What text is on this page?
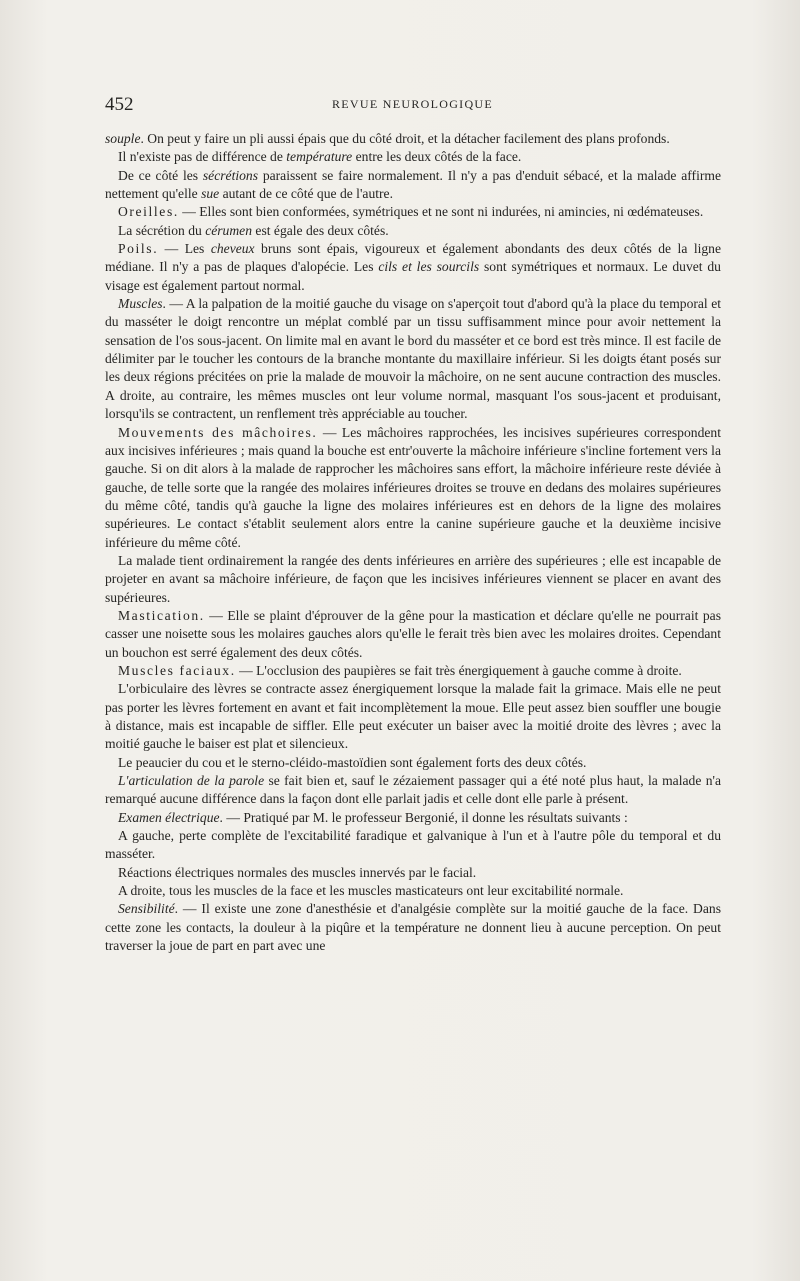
452	REVUE NEUROLOGIQUE

souple. On peut y faire un pli aussi épais que du côté droit, et la détacher facilement des plans profonds.

Il n'existe pas de différence de température entre les deux côtés de la face.

De ce côté les sécrétions paraissent se faire normalement. Il n'y a pas d'enduit sébacé, et la malade affirme nettement qu'elle sue autant de ce côté que de l'autre.

Oreilles. — Elles sont bien conformées, symétriques et ne sont ni indurées, ni amincies, ni œdémateuses.

La sécrétion du cérumen est égale des deux côtés.

Poils. — Les cheveux bruns sont épais, vigoureux et également abondants des deux côtés de la ligne médiane. Il n'y a pas de plaques d'alopécie. Les cils et les sourcils sont symétriques et normaux. Le duvet du visage est également partout normal.

Muscles. — A la palpation de la moitié gauche du visage on s'aperçoit tout d'abord qu'à la place du temporal et du masséter le doigt rencontre un méplat comblé par un tissu suffisamment mince pour avoir nettement la sensation de l'os sous-jacent. On limite mal en avant le bord du masséter et ce bord est très mince. Il est facile de délimiter par le toucher les contours de la branche montante du maxillaire inférieur. Si les doigts étant posés sur les deux régions précitées on prie la malade de mouvoir la mâchoire, on ne sent aucune contraction des muscles. A droite, au contraire, les mêmes muscles ont leur volume normal, masquant l'os sous-jacent et produisant, lorsqu'ils se contractent, un renflement très appréciable au toucher.

Mouvements des mâchoires. — Les mâchoires rapprochées, les incisives supérieures correspondent aux incisives inférieures ; mais quand la bouche est entr'ouverte la mâchoire inférieure s'incline fortement vers la gauche. Si on dit alors à la malade de rapprocher les mâchoires sans effort, la mâchoire inférieure reste déviée à gauche, de telle sorte que la rangée des molaires inférieures droites se trouve en dedans des molaires supérieures du même côté, tandis qu'à gauche la ligne des molaires inférieures est en dehors de la ligne des molaires supérieures. Le contact s'établit seulement alors entre la canine supérieure gauche et la deuxième incisive inférieure du même côté.

La malade tient ordinairement la rangée des dents inférieures en arrière des supérieures ; elle est incapable de projeter en avant sa mâchoire inférieure, de façon que les incisives inférieures viennent se placer en avant des supérieures.

Mastication. — Elle se plaint d'éprouver de la gêne pour la mastication et déclare qu'elle ne pourrait pas casser une noisette sous les molaires gauches alors qu'elle le ferait très bien avec les molaires droites. Cependant un bouchon est serré également des deux côtés.

Muscles faciaux. — L'occlusion des paupières se fait très énergiquement à gauche comme à droite.

L'orbiculaire des lèvres se contracte assez énergiquement lorsque la malade fait la grimace. Mais elle ne peut pas porter les lèvres fortement en avant et fait incomplètement la moue. Elle peut assez bien souffler une bougie à distance, mais est incapable de siffler. Elle peut exécuter un baiser avec la moitié droite des lèvres ; avec la moitié gauche le baiser est plat et silencieux.

Le peaucier du cou et le sterno-cléido-mastoïdien sont également forts des deux côtés.

L'articulation de la parole se fait bien et, sauf le zézaiement passager qui a été noté plus haut, la malade n'a remarqué aucune différence dans la façon dont elle parlait jadis et celle dont elle parle à présent.

Examen électrique. — Pratiqué par M. le professeur Bergonié, il donne les résultats suivants :

A gauche, perte complète de l'excitabilité faradique et galvanique à l'un et à l'autre pôle du temporal et du masséter.

Réactions électriques normales des muscles innervés par le facial.

A droite, tous les muscles de la face et les muscles masticateurs ont leur excitabilité normale.

Sensibilité. — Il existe une zone d'anesthésie et d'analgésie complète sur la moitié gauche de la face. Dans cette zone les contacts, la douleur à la piqûre et la température ne donnent lieu à aucune perception. On peut traverser la joue de part en part avec une
